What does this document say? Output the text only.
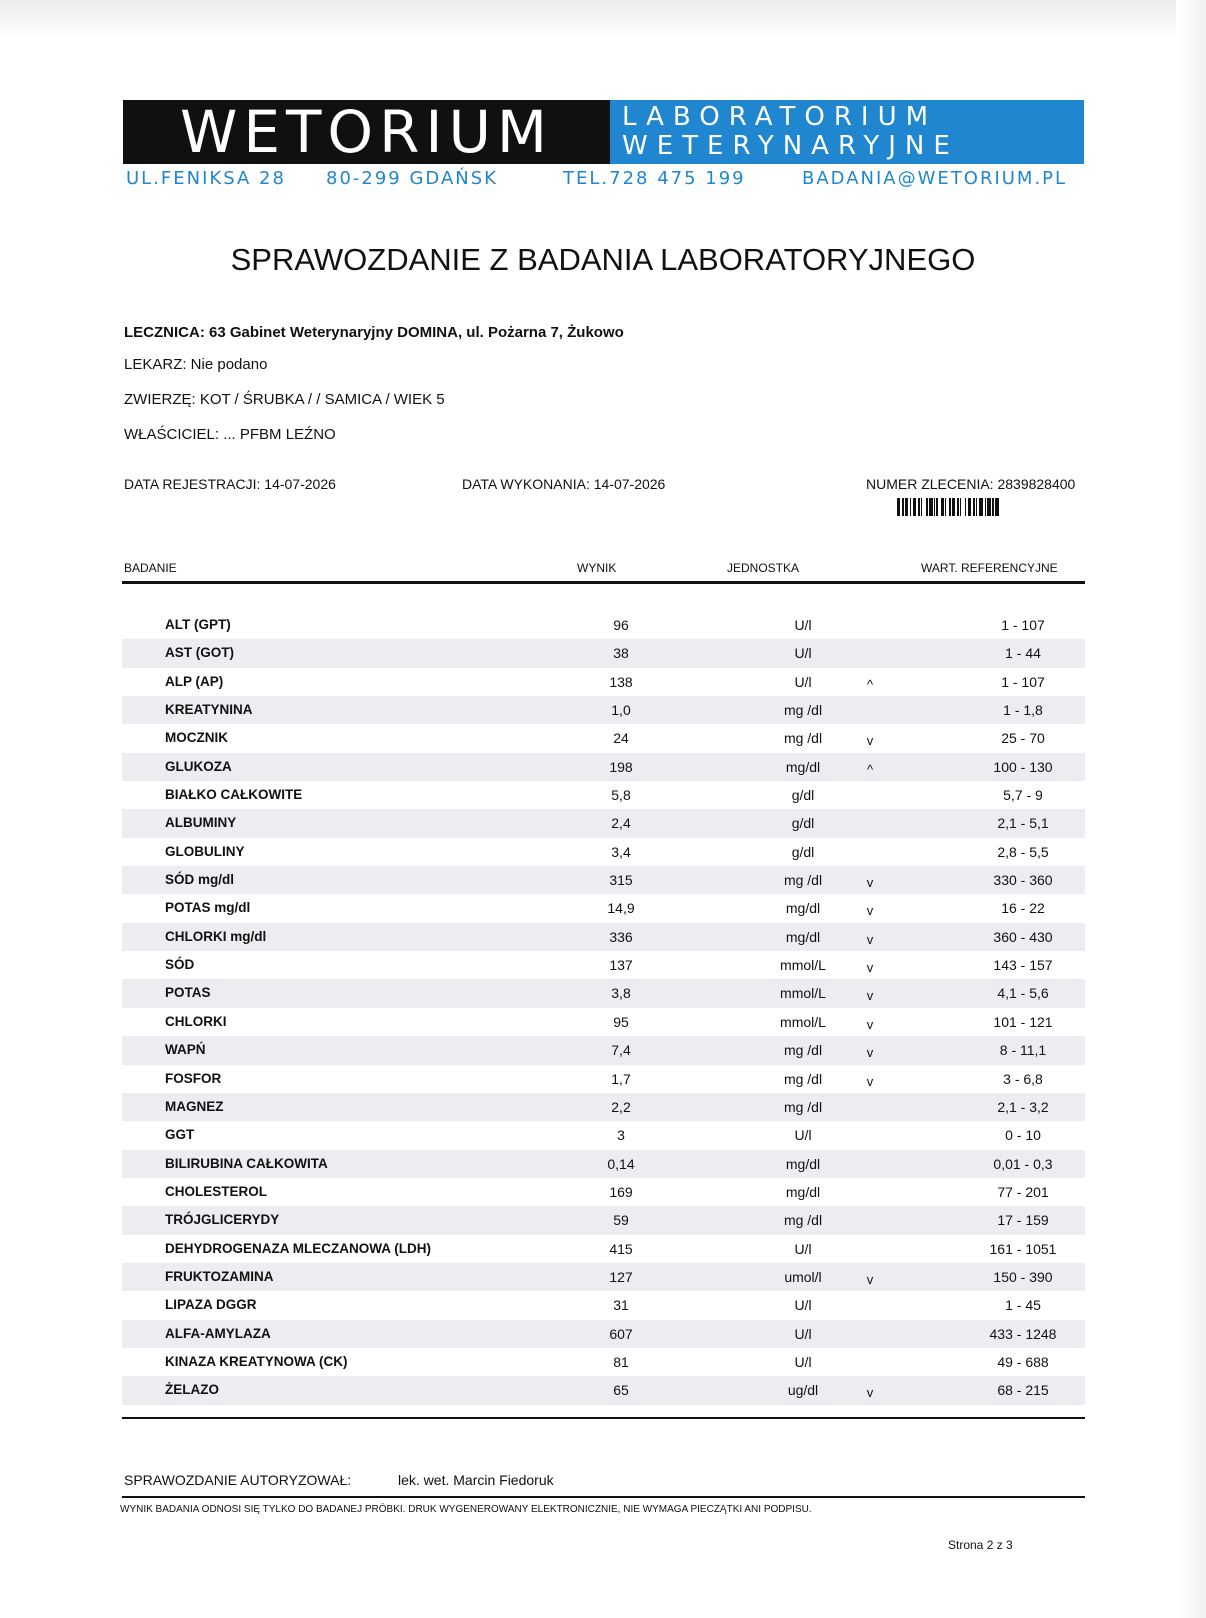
WETORIUM	LABORATORIUM
WETERYNARYJNE
UL.FENIKSA 28 80-299 GDAŃSK	TEL.728 475 199	BADANIA@WETORIUM.PL
SPRAWOZDANIE Z BADANIA LABORATORYJNEGO
LECZNICA: 63 Gabinet Weterynaryjny DOMINA, ul. Pożarna 7, Żukowo
LEKARZ: Nie podano
ZWIERZĘ: KOT / ŚRUBKA / / SAMICA / WIEK 5
WŁAŚCICIEL: ... PFBM LEŹNO
DATA REJESTRACJI: 14-07-2026	DATA WYKONANIA: 14-07-2026	NUMER ZLECENIA: 2839828400
BADANIE	WYNIK	JEDNOSTKA	WART. REFERENCYJNE
ALT (GPT)	96	U/l	1 - 107
AST (GOT)	38	U/l	1 - 44
ALP (AP)	138	U/l	^	1 - 107
KREATYNINA	1,0	mg /dl	1 - 1,8
MOCZNIK	24	mg /dl	v	25 - 70
GLUKOZA	198	mg/dl	^	100 - 130
BIAŁKO CAŁKOWITE	5,8	g/dl	5,7 - 9
ALBUMINY	2,4	g/dl	2,1 - 5,1
GLOBULINY	3,4	g/dl	2,8 - 5,5
SÓD mg/dl	315	mg /dl	v	330 - 360
POTAS mg/dl	14,9	mg/dl	v	16 - 22
CHLORKI mg/dl	336	mg/dl	v	360 - 430
SÓD	137	mmol/L	v	143 - 157
POTAS	3,8	mmol/L	v	4,1 - 5,6
CHLORKI	95	mmol/L	v	101 - 121
WAPŃ	7,4	mg /dl	v	8 - 11,1
FOSFOR	1,7	mg /dl	v	3 - 6,8
MAGNEZ	2,2	mg /dl	2,1 - 3,2
GGT	3	U/l	0 - 10
BILIRUBINA CAŁKOWITA	0,14	mg/dl	0,01 - 0,3
CHOLESTEROL	169	mg/dl	77 - 201
TRÓJGLICERYDY	59	mg /dl	17 - 159
DEHYDROGENAZA MLECZANOWA (LDH)	415	U/l	161 - 1051
FRUKTOZAMINA	127	umol/l	v	150 - 390
LIPAZA DGGR	31	U/l	1 - 45
ALFA-AMYLAZA	607	U/l	433 - 1248
KINAZA KREATYNOWA (CK)	81	U/l	49 - 688
ŻELAZO	65	ug/dl	v	68 - 215
SPRAWOZDANIE AUTORYZOWAŁ:	lek. wet. Marcin Fiedoruk
WYNIK BADANIA ODNOSI SIĘ TYLKO DO BADANEJ PRÓBKI. DRUK WYGENEROWANY ELEKTRONICZNIE, NIE WYMAGA PIECZĄTKI ANI PODPISU.
Strona 2 z 3
